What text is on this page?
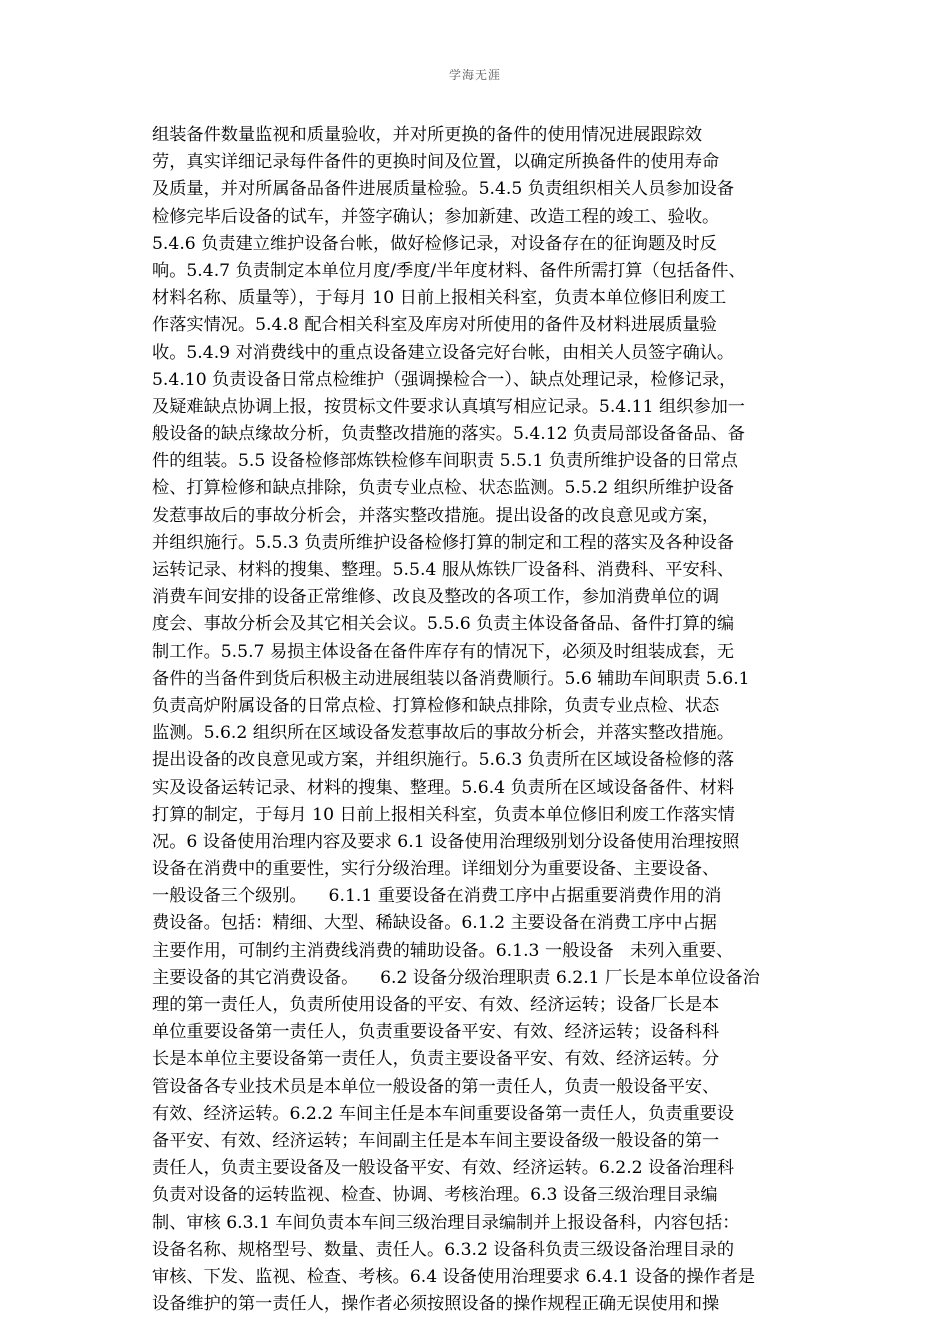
学海无涯
组装备件数量监视和质量验收，并对所更换的备件的使用情况进展跟踪效
劳，真实详细记录每件备件的更换时间及位置，以确定所换备件的使用寿命
及质量，并对所属备品备件进展质量检验。5.4.5 负责组织相关人员参加设备
检修完毕后设备的试车，并签字确认；参加新建、改造工程的竣工、验收。
5.4.6 负责建立维护设备台帐，做好检修记录，对设备存在的征询题及时反
响。5.4.7 负责制定本单位月度/季度/半年度材料、备件所需打算（包括备件、
材料名称、质量等），于每月 10 日前上报相关科室，负责本单位修旧利废工
作落实情况。5.4.8 配合相关科室及库房对所使用的备件及材料进展质量验
收。5.4.9 对消费线中的重点设备建立设备完好台帐，由相关人员签字确认。
5.4.10 负责设备日常点检维护（强调操检合一）、缺点处理记录，检修记录，
及疑难缺点协调上报，按贯标文件要求认真填写相应记录。5.4.11 组织参加一
般设备的缺点缘故分析，负责整改措施的落实。5.4.12 负责局部设备备品、备
件的组装。5.5 设备检修部炼铁检修车间职责 5.5.1 负责所维护设备的日常点
检、打算检修和缺点排除，负责专业点检、状态监测。5.5.2 组织所维护设备
发惹事故后的事故分析会，并落实整改措施。提出设备的改良意见或方案，
并组织施行。5.5.3 负责所维护设备检修打算的制定和工程的落实及各种设备
运转记录、材料的搜集、整理。5.5.4 服从炼铁厂设备科、消费科、平安科、
消费车间安排的设备正常维修、改良及整改的各项工作，参加消费单位的调
度会、事故分析会及其它相关会议。5.5.6 负责主体设备备品、备件打算的编
制工作。5.5.7 易损主体设备在备件库存有的情况下，必须及时组装成套，无
备件的当备件到货后积极主动进展组装以备消费顺行。5.6 辅助车间职责 5.6.1
负责高炉附属设备的日常点检、打算检修和缺点排除，负责专业点检、状态
监测。5.6.2 组织所在区域设备发惹事故后的事故分析会，并落实整改措施。
提出设备的改良意见或方案，并组织施行。5.6.3 负责所在区域设备检修的落
实及设备运转记录、材料的搜集、整理。5.6.4 负责所在区域设备备件、材料
打算的制定，于每月 10 日前上报相关科室，负责本单位修旧利废工作落实情
况。6 设备使用治理内容及要求 6.1 设备使用治理级别划分设备使用治理按照
设备在消费中的重要性，实行分级治理。详细划分为重要设备、主要设备、
一般设备三个级别。    6.1.1 重要设备在消费工序中占据重要消费作用的消
费设备。包括：精细、大型、稀缺设备。6.1.2 主要设备在消费工序中占据
主要作用，可制约主消费线消费的辅助设备。6.1.3 一般设备   未列入重要、
主要设备的其它消费设备。    6.2 设备分级治理职责 6.2.1 厂长是本单位设备治
理的第一责任人，负责所使用设备的平安、有效、经济运转；设备厂长是本
单位重要设备第一责任人，负责重要设备平安、有效、经济运转；设备科科
长是本单位主要设备第一责任人，负责主要设备平安、有效、经济运转。分
管设备各专业技术员是本单位一般设备的第一责任人，负责一般设备平安、
有效、经济运转。6.2.2 车间主任是本车间重要设备第一责任人，负责重要设
备平安、有效、经济运转；车间副主任是本车间主要设备级一般设备的第一
责任人，负责主要设备及一般设备平安、有效、经济运转。6.2.2 设备治理科
负责对设备的运转监视、检查、协调、考核治理。6.3 设备三级治理目录编
制、审核 6.3.1 车间负责本车间三级治理目录编制并上报设备科，内容包括：
设备名称、规格型号、数量、责任人。6.3.2 设备科负责三级设备治理目录的
审核、下发、监视、检查、考核。6.4 设备使用治理要求 6.4.1 设备的操作者是
设备维护的第一责任人，操作者必须按照设备的操作规程正确无误使用和操
